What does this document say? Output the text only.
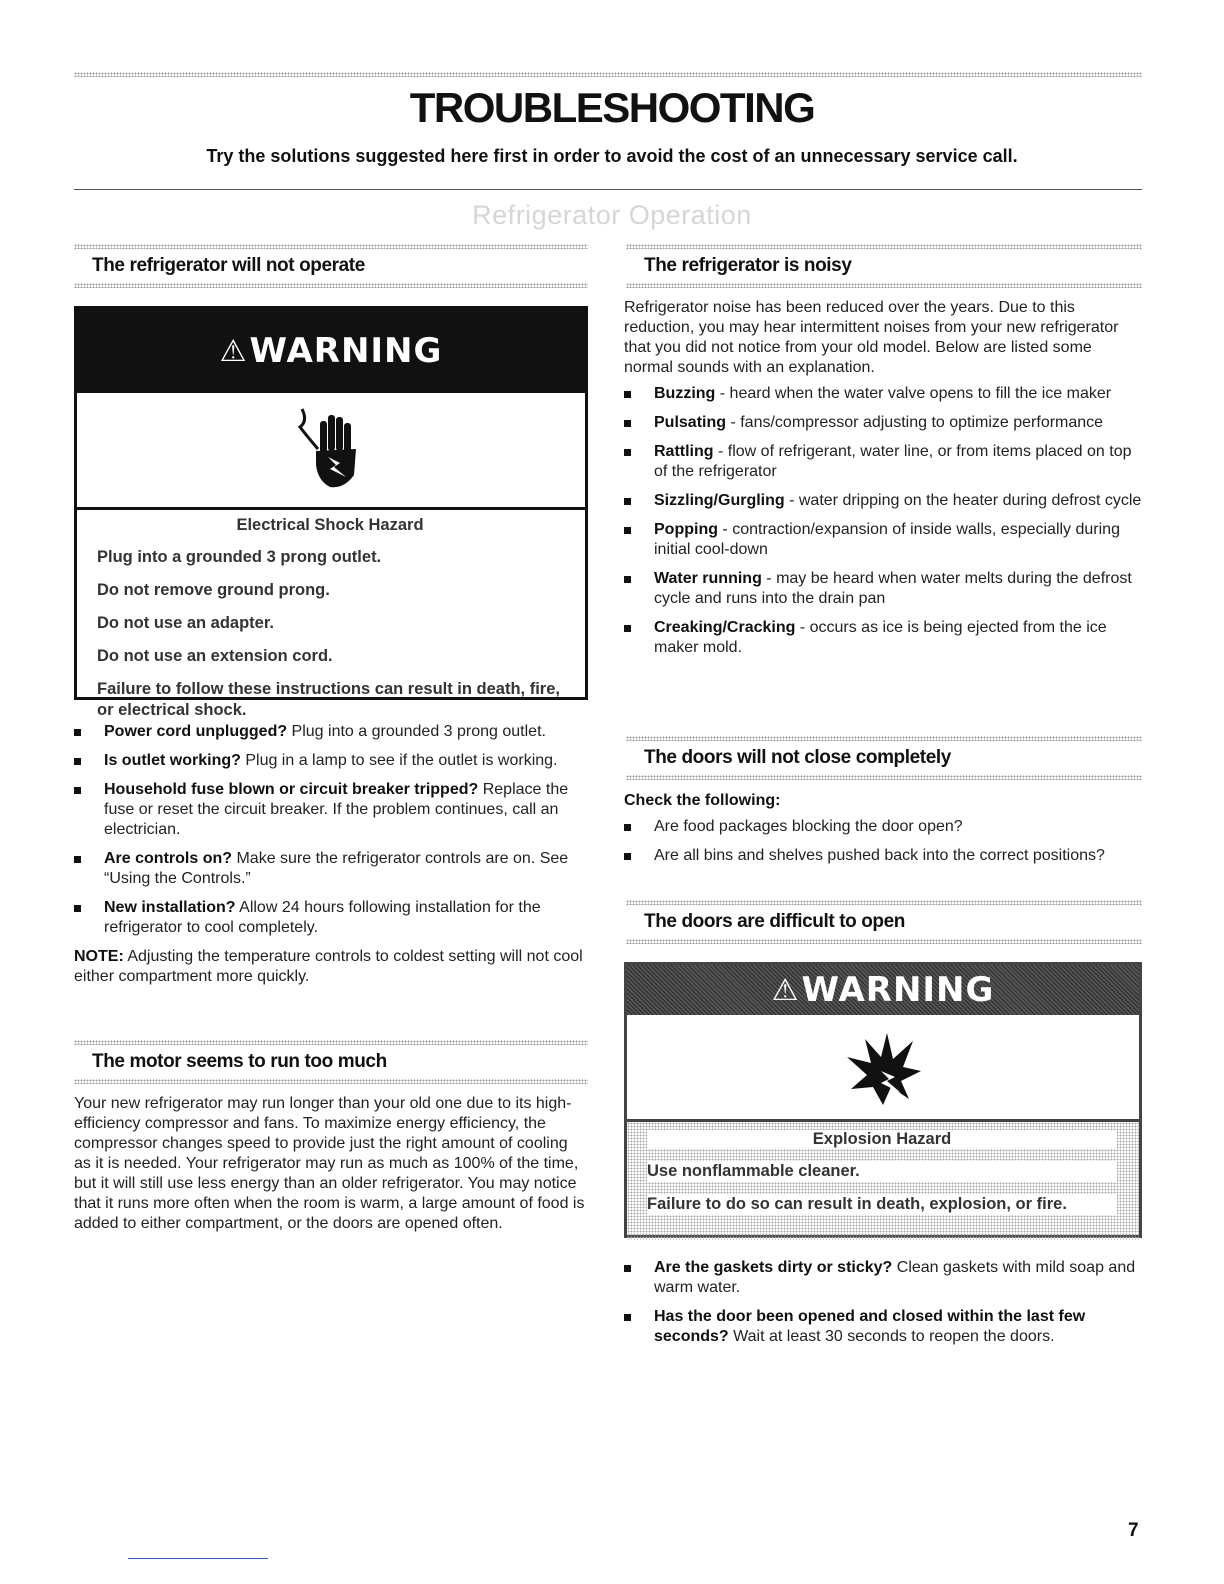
TROUBLESHOOTING
Try the solutions suggested here first in order to avoid the cost of an unnecessary service call.
Refrigerator Operation
The refrigerator will not operate
⚠ WARNING
Electrical Shock Hazard

Plug into a grounded 3 prong outlet.

Do not remove ground prong.

Do not use an adapter.

Do not use an extension cord.

Failure to follow these instructions can result in death, fire, or electrical shock.

Power cord unplugged? Plug into a grounded 3 prong outlet.
Is outlet working? Plug in a lamp to see if the outlet is working.
Household fuse blown or circuit breaker tripped? Replace the fuse or reset the circuit breaker. If the problem continues, call an electrician.
Are controls on? Make sure the refrigerator controls are on. See “Using the Controls.”
New installation? Allow 24 hours following installation for the refrigerator to cool completely.

NOTE: Adjusting the temperature controls to coldest setting will not cool either compartment more quickly.

The motor seems to run too much

Your new refrigerator may run longer than your old one due to its high-efficiency compressor and fans. To maximize energy efficiency, the compressor changes speed to provide just the right amount of cooling as it is needed. Your refrigerator may run as much as 100% of the time, but it will still use less energy than an older refrigerator. You may notice that it runs more often when the room is warm, a large amount of food is added to either compartment, or the doors are opened often.

The refrigerator is noisy

Refrigerator noise has been reduced over the years. Due to this reduction, you may hear intermittent noises from your new refrigerator that you did not notice from your old model. Below are listed some normal sounds with an explanation.

Buzzing - heard when the water valve opens to fill the ice maker
Pulsating - fans/compressor adjusting to optimize performance
Rattling - flow of refrigerant, water line, or from items placed on top of the refrigerator
Sizzling/Gurgling - water dripping on the heater during defrost cycle
Popping - contraction/expansion of inside walls, especially during initial cool-down
Water running - may be heard when water melts during the defrost cycle and runs into the drain pan
Creaking/Cracking - occurs as ice is being ejected from the ice maker mold.
The doors will not close completely

Check the following:

Are food packages blocking the door open?
Are all bins and shelves pushed back into the correct positions?
The doors are difficult to open
⚠ WARNING
Explosion Hazard

Use nonflammable cleaner.

Failure to do so can result in death, explosion, or fire.

Are the gaskets dirty or sticky? Clean gaskets with mild soap and warm water.
Has the door been opened and closed within the last few seconds? Wait at least 30 seconds to reopen the doors.
7
